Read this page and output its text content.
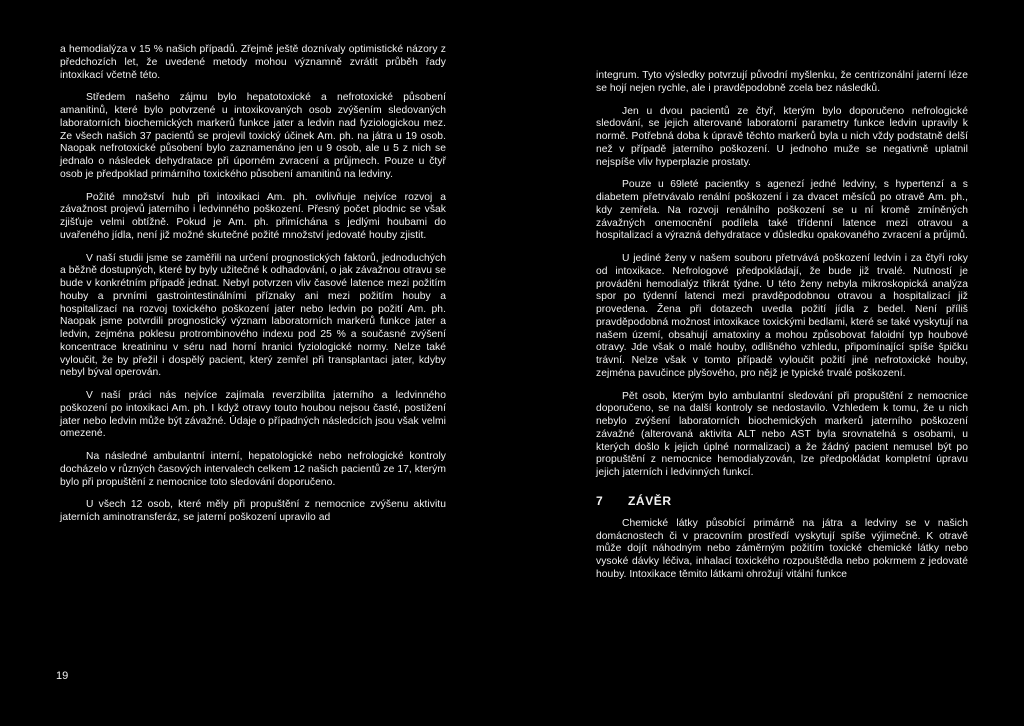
a hemodialýza v 15 % našich případů. Zřejmě ještě doznívaly optimistické názory z předchozích let, že uvedené metody mohou významně zvrátit průběh řady intoxikací včetně této.

Středem našeho zájmu bylo hepatotoxické a nefrotoxické působení amanitinů, které bylo potvrzené u intoxikovaných osob zvýšením sledovaných laboratorních biochemických markerů funkce jater a ledvin nad fyziologickou mez. Ze všech našich 37 pacientů se projevil toxický účinek Am. ph. na játra u 19 osob. Naopak nefrotoxické působení bylo zaznamenáno jen u 9 osob, ale u 5 z nich se jednalo o následek dehydratace při úporném zvracení a průjmech. Pouze u čtyř osob je předpoklad primárního toxického působení amanitinů na ledviny.

Požité množství hub při intoxikaci Am. ph. ovlivňuje nejvíce rozvoj a závažnost projevů jaterního i ledvinného poškození. Přesný počet plodnic se však zjišťuje velmi obtížně. Pokud je Am. ph. přimíchána s jedlými houbami do uvařeného jídla, není již možné skutečné požité množství jedovaté houby zjistit.

V naší studii jsme se zaměřili na určení prognostických faktorů, jednoduchých a běžně dostupných, které by byly užitečné k odhadování, o jak závažnou otravu se bude v konkrétním případě jednat. Nebyl potvrzen vliv časové latence mezi požitím houby a prvními gastrointestinálními příznaky ani mezi požitím houby a hospitalizací na rozvoj toxického poškození jater nebo ledvin po požití Am. ph. Naopak jsme potvrdili prognostický význam laboratorních markerů funkce jater a ledvin, zejména poklesu protrombinového indexu pod 25 % a současné zvýšení koncentrace kreatininu v séru nad horní hranici fyziologické normy. Nelze také vyloučit, že by přežil i dospělý pacient, který zemřel při transplantaci jater, kdyby nebyl býval operován.

V naší práci nás nejvíce zajímala reverzibilita jaterního a ledvinného poškození po intoxikaci Am. ph. I když otravy touto houbou nejsou časté, postižení jater nebo ledvin může být závažné. Údaje o případných následcích jsou však velmi omezené.

Na následné ambulantní interní, hepatologické nebo nefrologické kontroly docházelo v různých časových intervalech celkem 12 našich pacientů ze 17, kterým bylo při propuštění z nemocnice toto sledování doporučeno.

U všech 12 osob, které měly při propuštění z nemocnice zvýšenu aktivitu jaterních aminotransferáz, se jaterní poškození upravilo ad

integrum. Tyto výsledky potvrzují původní myšlenku, že centrizonální jaterní léze se hojí nejen rychle, ale i pravděpodobně zcela bez následků.

Jen u dvou pacientů ze čtyř, kterým bylo doporučeno nefrologické sledování, se jejich alterované laboratorní parametry funkce ledvin upravily k normě. Potřebná doba k úpravě těchto markerů byla u nich vždy podstatně delší než v případě jaterního poškození. U jednoho muže se negativně uplatnil nejspíše vliv hyperplazie prostaty.

Pouze u 69leté pacientky s agenezí jedné ledviny, s hypertenzí a s diabetem přetrvávalo renální poškození i za dvacet měsíců po otravě Am. ph., kdy zemřela. Na rozvoji renálního poškození se u ní kromě zmíněných závažných onemocnění podílela také třídenní latence mezi otravou a hospitalizací a výrazná dehydratace v důsledku opakovaného zvracení a průjmů.

U jediné ženy v našem souboru přetrvává poškození ledvin i za čtyři roky od intoxikace. Nefrologové předpokládají, že bude již trvalé. Nutností je prováděni hemodialýz třikrát týdne. U této ženy nebyla mikroskopická analýza spor po týdenní latenci mezi pravděpodobnou otravou a hospitalizací již provedena. Žena při dotazech uvedla požití jídla z bedel. Není příliš pravděpodobná možnost intoxikace toxickými bedlami, které se také vyskytují na našem území, obsahují amatoxiny a mohou způsobovat faloidní typ houbové otravy. Jde však o malé houby, odlišného vzhledu, připomínající spíše špičku trávní. Nelze však v tomto případě vyloučit požití jiné nefrotoxické houby, zejména pavučince plyšového, pro nějž je typické trvalé poškození.

Pět osob, kterým bylo ambulantní sledování při propuštění z nemocnice doporučeno, se na další kontroly se nedostavilo. Vzhledem k tomu, že u nich nebylo zvýšení laboratorních biochemických markerů jaterního poškození závažné (alterovaná aktivita ALT nebo AST byla srovnatelná s osobami, u kterých došlo k jejich úplné normalizaci) a že žádný pacient nemusel být po propuštění z nemocnice hemodialyzován, lze předpokládat kompletní úpravu jejich jaterních i ledvinných funkcí.

7 ZÁVĚR

Chemické látky působící primárně na játra a ledviny se v našich domácnostech či v pracovním prostředí vyskytují spíše výjimečně. K otravě může dojít náhodným nebo záměrným požitím toxické chemické látky nebo vysoké dávky léčiva, inhalací toxického rozpouštědla nebo pokrmem z jedovaté houby. Intoxikace těmito látkami ohrožují vitální funkce

19
